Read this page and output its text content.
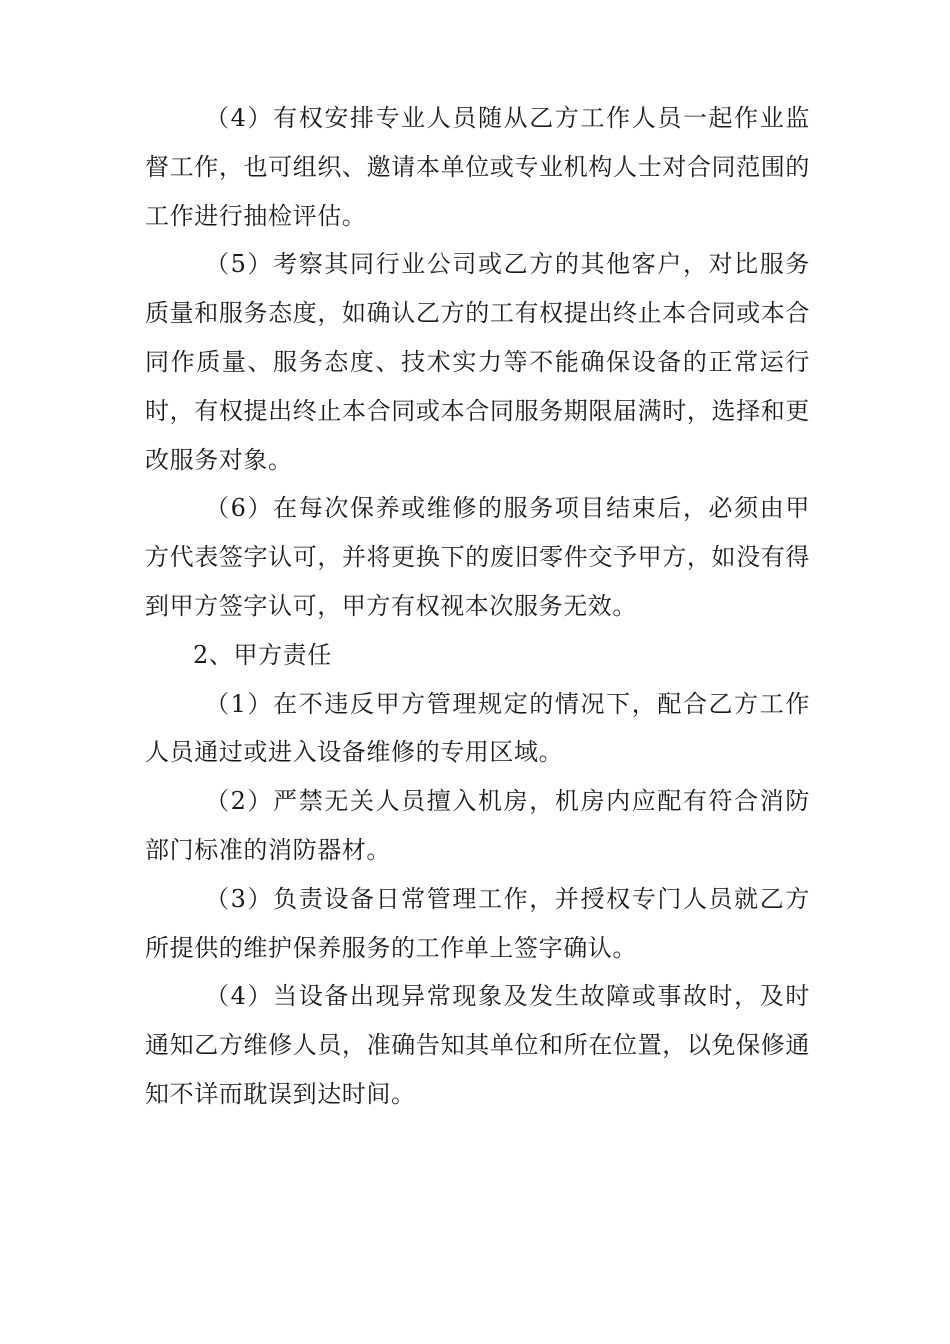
（4）有权安排专业人员随从乙方工作人员一起作业监督工作，也可组织、邀请本单位或专业机构人士对合同范围的工作进行抽检评估。

（5）考察其同行业公司或乙方的其他客户，对比服务质量和服务态度，如确认乙方的工有权提出终止本合同或本合同作质量、服务态度、技术实力等不能确保设备的正常运行时，有权提出终止本合同或本合同服务期限届满时，选择和更改服务对象。

（6）在每次保养或维修的服务项目结束后，必须由甲方代表签字认可，并将更换下的废旧零件交予甲方，如没有得到甲方签字认可，甲方有权视本次服务无效。

2、甲方责任

（1）在不违反甲方管理规定的情况下，配合乙方工作人员通过或进入设备维修的专用区域。

（2）严禁无关人员擅入机房，机房内应配有符合消防部门标准的消防器材。

（3）负责设备日常管理工作，并授权专门人员就乙方所提供的维护保养服务的工作单上签字确认。

（4）当设备出现异常现象及发生故障或事故时，及时通知乙方维修人员，准确告知其单位和所在位置，以免保修通知不详而耽误到达时间。
